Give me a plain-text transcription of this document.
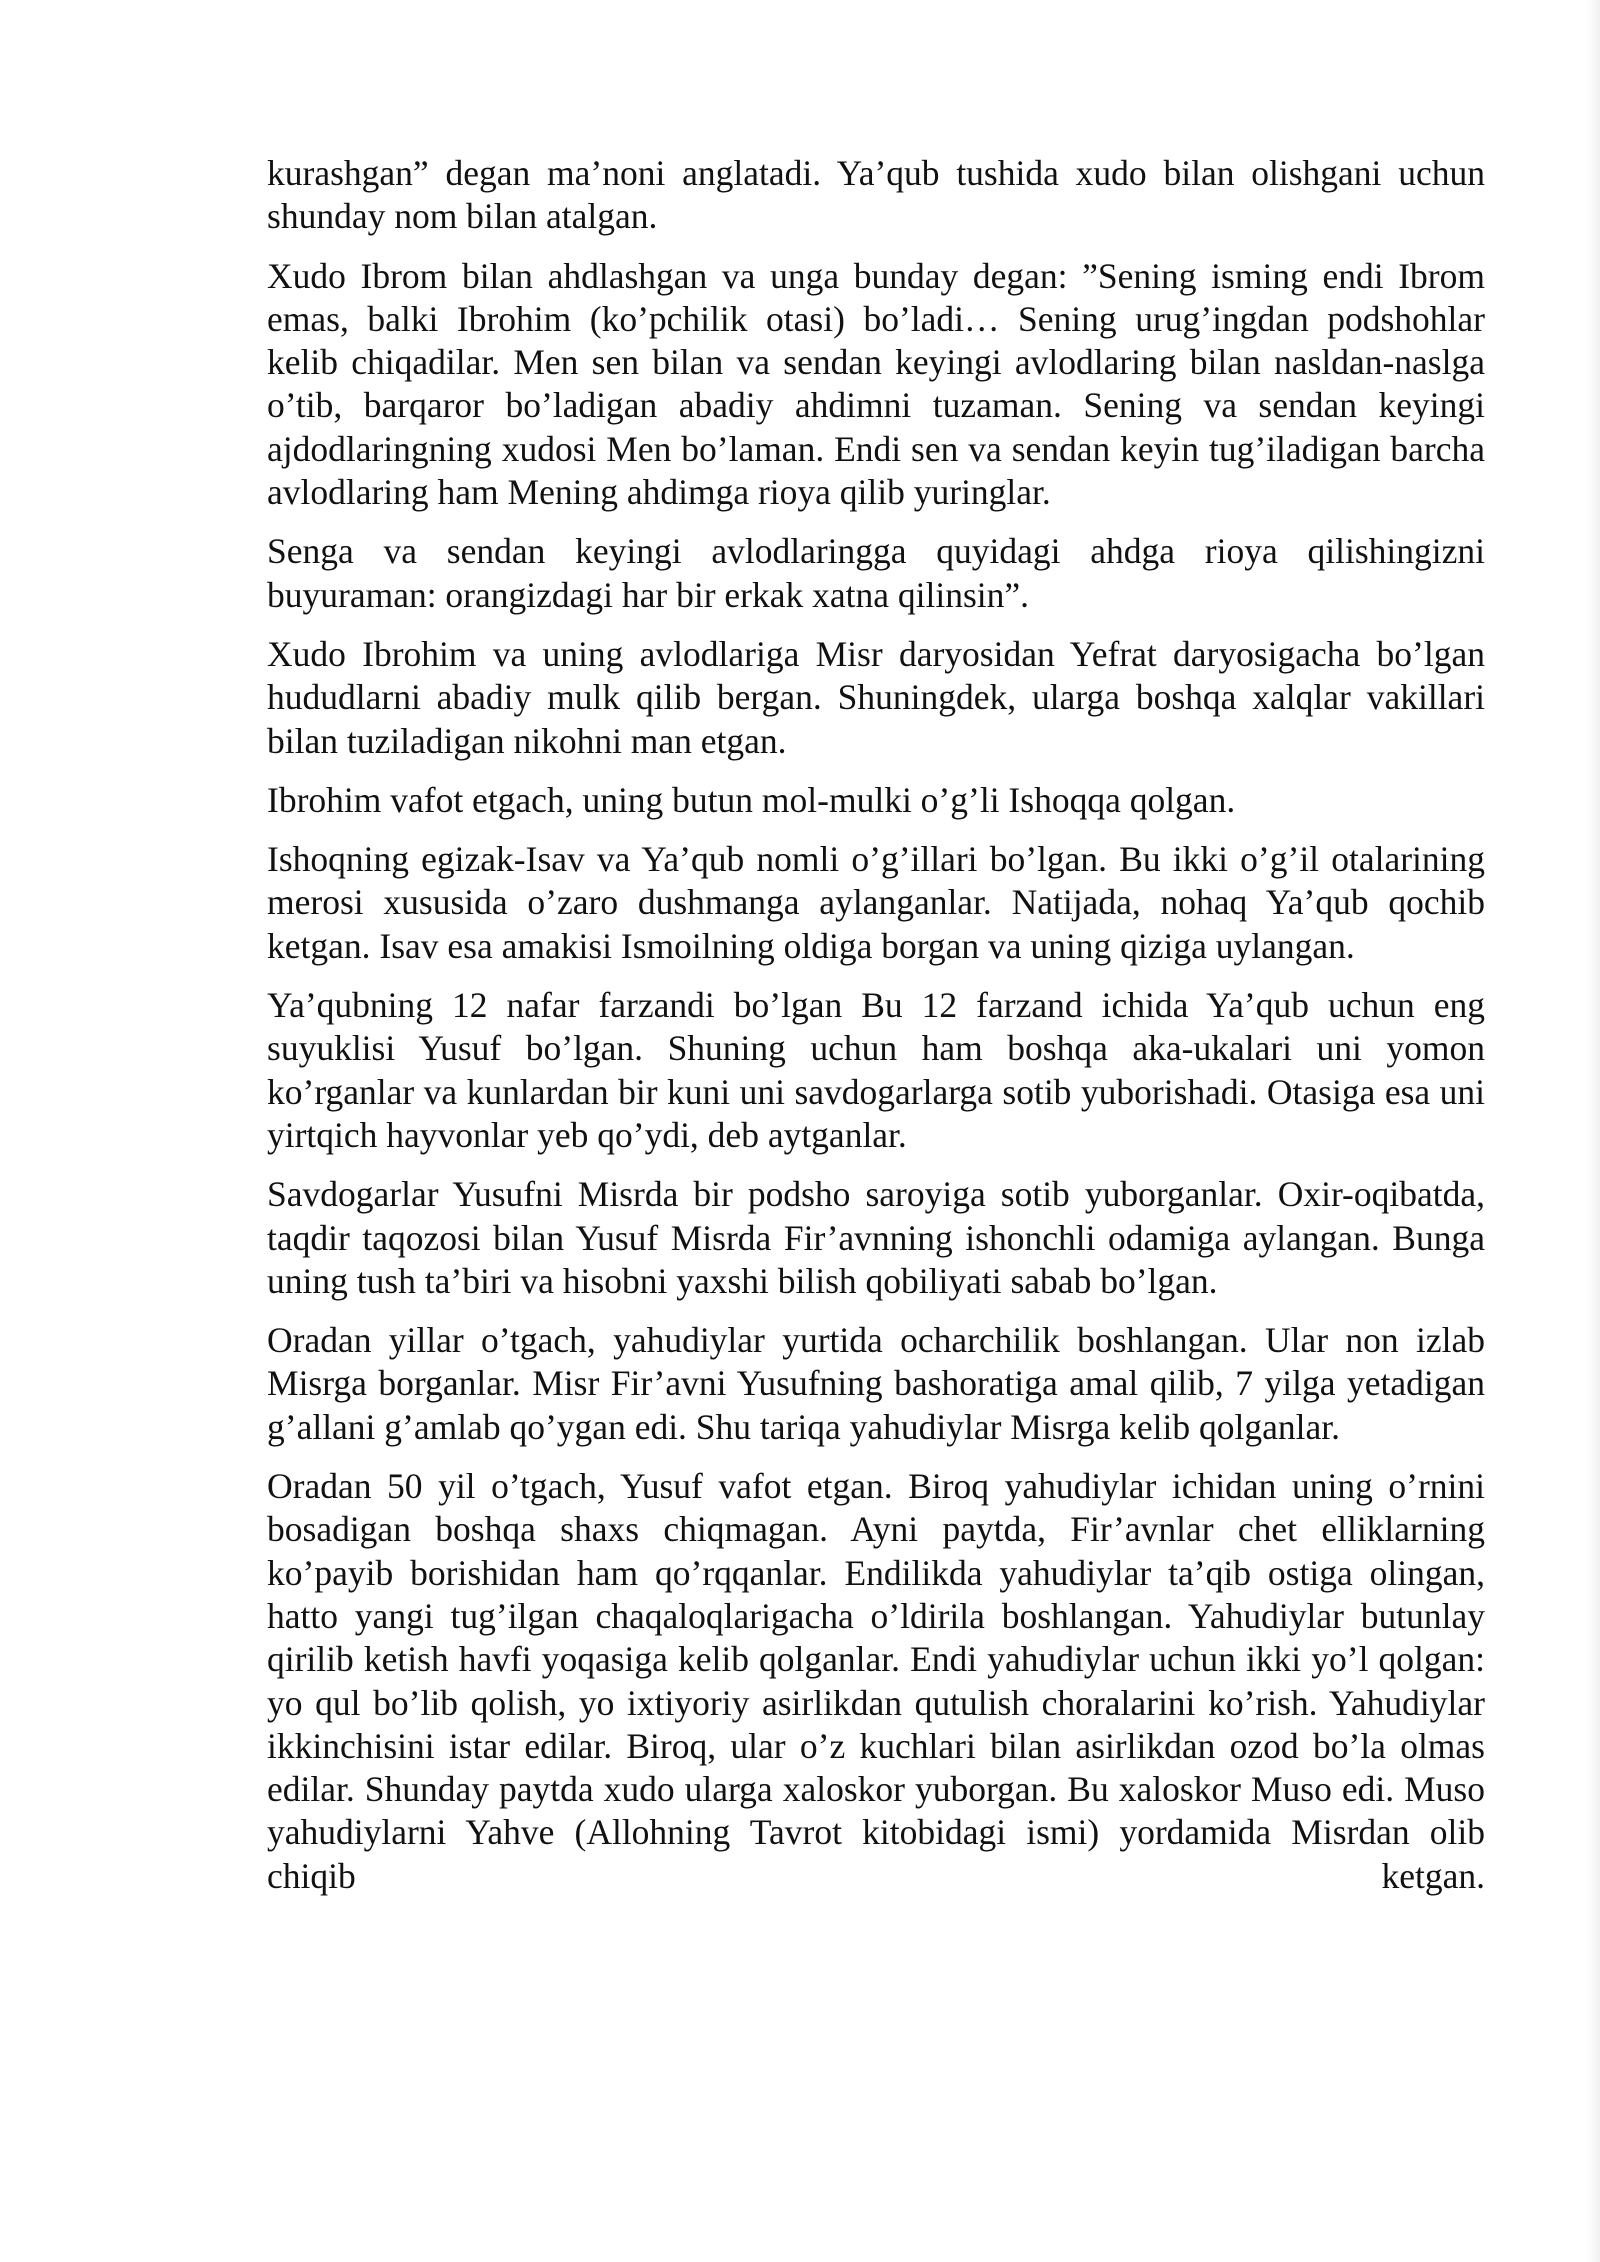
kurashgan” degan ma’noni anglatadi. Ya’qub tushida xudo bilan olishgani uchun shunday nom bilan atalgan.

Xudo Ibrom bilan ahdlashgan va unga bunday degan: ”Sening isming endi Ibrom emas, balki Ibrohim (ko’pchilik otasi) bo’ladi… Sening urug’ingdan podshohlar kelib chiqadilar. Men sen bilan va sendan keyingi avlodlaring bilan nasldan-naslga o’tib, barqaror bo’ladigan abadiy ahdimni tuzaman. Sening va sendan keyingi ajdodlaringning xudosi Men bo’laman. Endi sen va sendan keyin tug’iladigan barcha avlodlaring ham Mening ahdimga rioya qilib yuringlar.

Senga va sendan keyingi avlodlaringga quyidagi ahdga rioya qilishingizni buyuraman: orangizdagi har bir erkak xatna qilinsin”.

Xudo Ibrohim va uning avlodlariga Misr daryosidan Yefrat daryosigacha bo’lgan hududlarni abadiy mulk qilib bergan. Shuningdek, ularga boshqa xalqlar vakillari bilan tuziladigan nikohni man etgan.

Ibrohim vafot etgach, uning butun mol-mulki o’g’li Ishoqqa qolgan.

Ishoqning egizak-Isav va Ya’qub nomli o’g’illari bo’lgan. Bu ikki o’g’il otalarining merosi xususida o’zaro dushmanga aylanganlar. Natijada, nohaq Ya’qub qochib ketgan. Isav esa amakisi Ismoilning oldiga borgan va uning qiziga uylangan.

Ya’qubning 12 nafar farzandi bo’lgan Bu 12 farzand ichida Ya’qub uchun eng suyuklisi Yusuf bo’lgan. Shuning uchun ham boshqa aka-ukalari uni yomon ko’rganlar va kunlardan bir kuni uni savdogarlarga sotib yuborishadi. Otasiga esa uni yirtqich hayvonlar yeb qo’ydi, deb aytganlar.

Savdogarlar Yusufni Misrda bir podsho saroyiga sotib yuborganlar. Oxir-oqibatda, taqdir taqozosi bilan Yusuf Misrda Fir’avnning ishonchli odamiga aylangan. Bunga uning tush ta’biri va hisobni yaxshi bilish qobiliyati sabab bo’lgan.

Oradan yillar o’tgach, yahudiylar yurtida ocharchilik boshlangan. Ular non izlab Misrga borganlar. Misr Fir’avni Yusufning bashoratiga amal qilib, 7 yilga yetadigan g’allani g’amlab qo’ygan edi. Shu tariqa yahudiylar Misrga kelib qolganlar.

Oradan 50 yil o’tgach, Yusuf vafot etgan. Biroq yahudiylar ichidan uning o’rnini bosadigan boshqa shaxs chiqmagan. Ayni paytda, Fir’avnlar chet elliklarning ko’payib borishidan ham qo’rqqanlar. Endilikda yahudiylar ta’qib ostiga olingan, hatto yangi tug’ilgan chaqaloqlarigacha o’ldirila boshlangan. Yahudiylar butunlay qirilib ketish havfi yoqasiga kelib qolganlar. Endi yahudiylar uchun ikki yo’l qolgan: yo qul bo’lib qolish, yo ixtiyoriy asirlikdan qutulish choralarini ko’rish. Yahudiylar ikkinchisini istar edilar. Biroq, ular o’z kuchlari bilan asirlikdan ozod bo’la olmas edilar. Shunday paytda xudo ularga xaloskor yuborgan. Bu xaloskor Muso edi. Muso yahudiylarni Yahve (Allohning Tavrot kitobidagi ismi) yordamida Misrdan olib chiqib ketgan.
